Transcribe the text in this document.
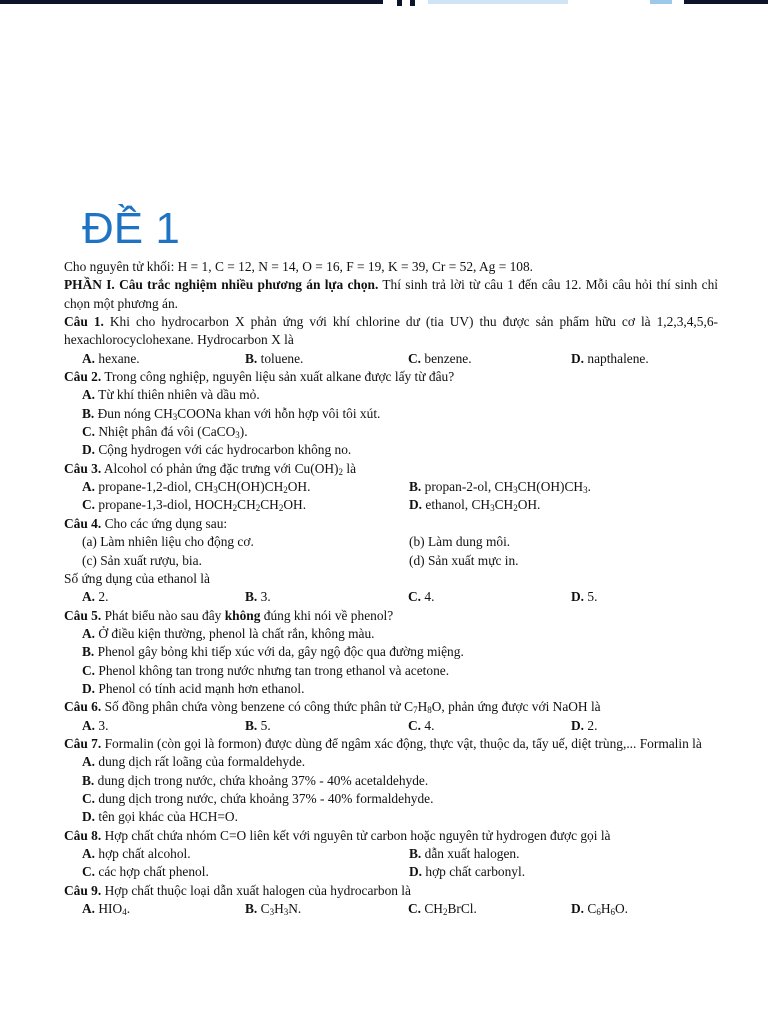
ĐỀ 1

Cho nguyên tử khối: H = 1, C = 12, N = 14, O = 16, F = 19, K = 39, Cr = 52, Ag = 108.

PHẦN I. Câu trắc nghiệm nhiều phương án lựa chọn. Thí sinh trả lời từ câu 1 đến câu 12. Mỗi câu hỏi thí sinh chỉ chọn một phương án.

Câu 1. Khi cho hydrocarbon X phản ứng với khí chlorine dư (tia UV) thu được sản phẩm hữu cơ là 1,2,3,4,5,6-hexachlorocyclohexane. Hydrocarbon X là

A. hexane.	B. toluene.	C. benzene.	D. napthalene.

Câu 2. Trong công nghiệp, nguyên liệu sản xuất alkane được lấy từ đâu?

A. Từ khí thiên nhiên và dầu mỏ.

B. Đun nóng $CH_3COONa$ khan với hỗn hợp vôi tôi xút.

C. Nhiệt phân đá vôi (CaCO$_3$).

D. Cộng hydrogen với các hydrocarbon không no.

Câu 3. Alcohol có phản ứng đặc trưng với $Cu(OH)_2$ là

A. propane-1,2-diol, $CH_3CH(OH)CH_2OH$.	B. propan-2-ol, $CH_3CH(OH)CH_3$.
C. propane-1,3-diol, $HOCH_2CH_2CH_2OH$.	D. ethanol, $CH_3CH_2OH$.

Câu 4. Cho các ứng dụng sau:

(a) Làm nhiên liệu cho động cơ.	(b) Làm dung môi.
(c) Sản xuất rượu, bia.	(d) Sản xuất mực in.

Số ứng dụng của ethanol là

A. 2.	B. 3.	C. 4.	D. 5.

Câu 5. Phát biểu nào sau đây không đúng khi nói về phenol?

A. Ở điều kiện thường, phenol là chất rắn, không màu.

B. Phenol gây bỏng khi tiếp xúc với da, gây ngộ độc qua đường miệng.

C. Phenol không tan trong nước nhưng tan trong ethanol và acetone.

D. Phenol có tính acid mạnh hơn ethanol.

Câu 6. Số đồng phân chứa vòng benzene có công thức phân tử $C_7H_8O$, phản ứng được với NaOH là

A. 3.	B. 5.	C. 4.	D. 2.

Câu 7. Formalin (còn gọi là formon) được dùng để ngâm xác động, thực vật, thuộc da, tẩy uế, diệt trùng,... Formalin là

A. dung dịch rất loãng của formaldehyde.

B. dung dịch trong nước, chứa khoảng 37% - 40% acetaldehyde.

C. dung dịch trong nước, chứa khoảng 37% - 40% formaldehyde.

D. tên gọi khác của HCH=O.

Câu 8. Hợp chất chứa nhóm C=O liên kết với nguyên tử carbon hoặc nguyên tử hydrogen được gọi là

A. hợp chất alcohol.	B. dẫn xuất halogen.
C. các hợp chất phenol.	D. hợp chất carbonyl.

Câu 9. Hợp chất thuộc loại dẫn xuất halogen của hydrocarbon là

A. $HIO_4$.	B. $C_3H_3N$.	C. $CH_2BrCl$.	D. $C_6H_6O$.
